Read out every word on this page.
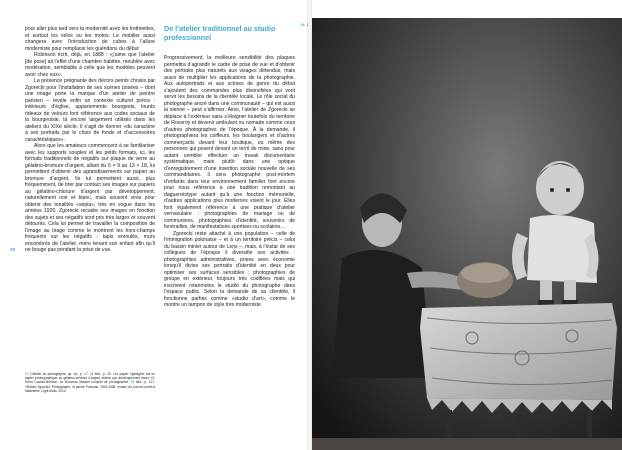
pour aller plus tard vers la modernité avec les trottinettes, et surtout les vélos ou les motos. Le mobilier aussi changera avec l’introduction de cubes à l’allure moderniste pour remplacer les guéridons du début

Robinson écrit, déjà, en 1888 : «j’aime que l’atelier [de pose] ait l’effet d’une chambre habitée, meublée avec modération, semblable à celle que les modèles peuvent avoir chez eux».

La présence prégnante des décors peints choisis par Zgorecki pour l’installation de ses scènes posées – dont une image porte la marque d’un atelier de peintre parisien – révèle enfin un contexte culturel précis : intérieurs d’église, appartements bourgeois, lourds rideaux de velours font référence aux codes sociaux de la bourgeoisie, là encore largement utilisés dans les ateliers du XIXe siècle. Il s’agit de donner «du caractère à ses portraits par le choix de fonds et d’accessoires caractéristiques».

Alors que les amateurs commencent à se familiariser avec les supports souples et les petits formats, ici, les formats traditionnels de négatifs sur plaque de verre au gélatino-bromure d’argent, allant du 6 × 9 au 13 × 18, lui permettent d’obtenir des agrandissements sur papier au bromure d’argent. Ils lui permettent aussi, plus fréquemment, de tirer par contact ses images sur papiers au gélatino-chlorure d’argent par développement, naturellement noir et blanc, mais souvent virés pour obtenir des tonalités «sépia», très en vogue dans les années 1920. Zgorecki recadre ses images en fonction des sujets et ses négatifs sont pris très larges et souvent détourés. Cela lui permet de travailler la composition de l’image au tirage comme le montrent les hors-champs fréquents sur les négatifs : tapis enroulés, murs encombrés de l’atelier, mère tenant son enfant afin qu’il ne bouge pas pendant la prise de vue.

17 L’Atelier du photographe, op. cit., p. 17. 18 Ibid., p. 20. «Le papier «gaslight» est un papier photographique au gélatino-chlorure d’argent obtenu par développement lisse» Cf. Henri Coulais-Berthon, Le Nouveau Manuel complet de photographie. 19 Ibid., p. 127. «Robert Zgorecki. Photographe, la parole Polonais, 1924-1936, musée du Louvre-Lens/La Madeleine, Light Motiv, 2014.
De l’atelier traditionnel au studio professionnel

Progressivement, la meilleure sensibilité des plaques permettra d’agrandir le cadre de prise de vue et d’obtenir des portraits plus naturels aux visages détendus, mais aussi de multiplier les applications de la photographie. Aux autoportraits et aux scènes de genre du début s’ajoutent des commandes plus diversifiées qui vont servir les besoins de la clientèle locale. Le rôle social du photographe ancré dans une communauté – qui est aussi la sienne – peut s’affirmer. Ainsi, l’atelier de Zgorecki se déplace à l’extérieur sans s’éloigner toutefois du territoire de Rouvroy et devenir ambulant ou nomade comme ceux d’autres photographes de l’époque. À la demande, il photographiera les coiffeurs, les boulangers et d’autres commerçants devant leur boutique, ou même des personnes qui posent devant un terril de mine, sans pour autant sembler effectuer un travail documentaire systématique, mais plutôt dans une optique d’enregistrement d’une insertion sociale nouvelle de ses commanditaires. Il sera photographe post-mortem d’enfants dans leur environnement familier font encore pour nous référence à une tradition remontant au daguerréotype autant qu’à une fonction mémorielle, d’autres applications plus modernes voient le jour. Elles font également référence à une pratique d’atelier vernaculaire : photographies de mariage ou de communions, photographies d’identité, souvenirs de funérailles, de manifestations sportives ou scolaires…

Zgorecki reste attaché à une population – celle de l’immigration polonaise – et à un territoire précis – celui du bassin minier autour de Lens –, mais, à l’instar de ses collègues de l’époque il diversifie ses activités : photographies administratives, prises avec économie lorsqu’il divise ses portraits d’identité en deux pour optimiser ses surfaces sensibles ; photographies de groupe en extérieur, toujours très codifiées mais qui inscrivent néanmoins le studio du photographe dans l’espace public. Selon la demande de sa clientèle, il fonctionne parfois comme «studio d’art», comme le montre un tampon de style très moderniste

ill. 1
28
